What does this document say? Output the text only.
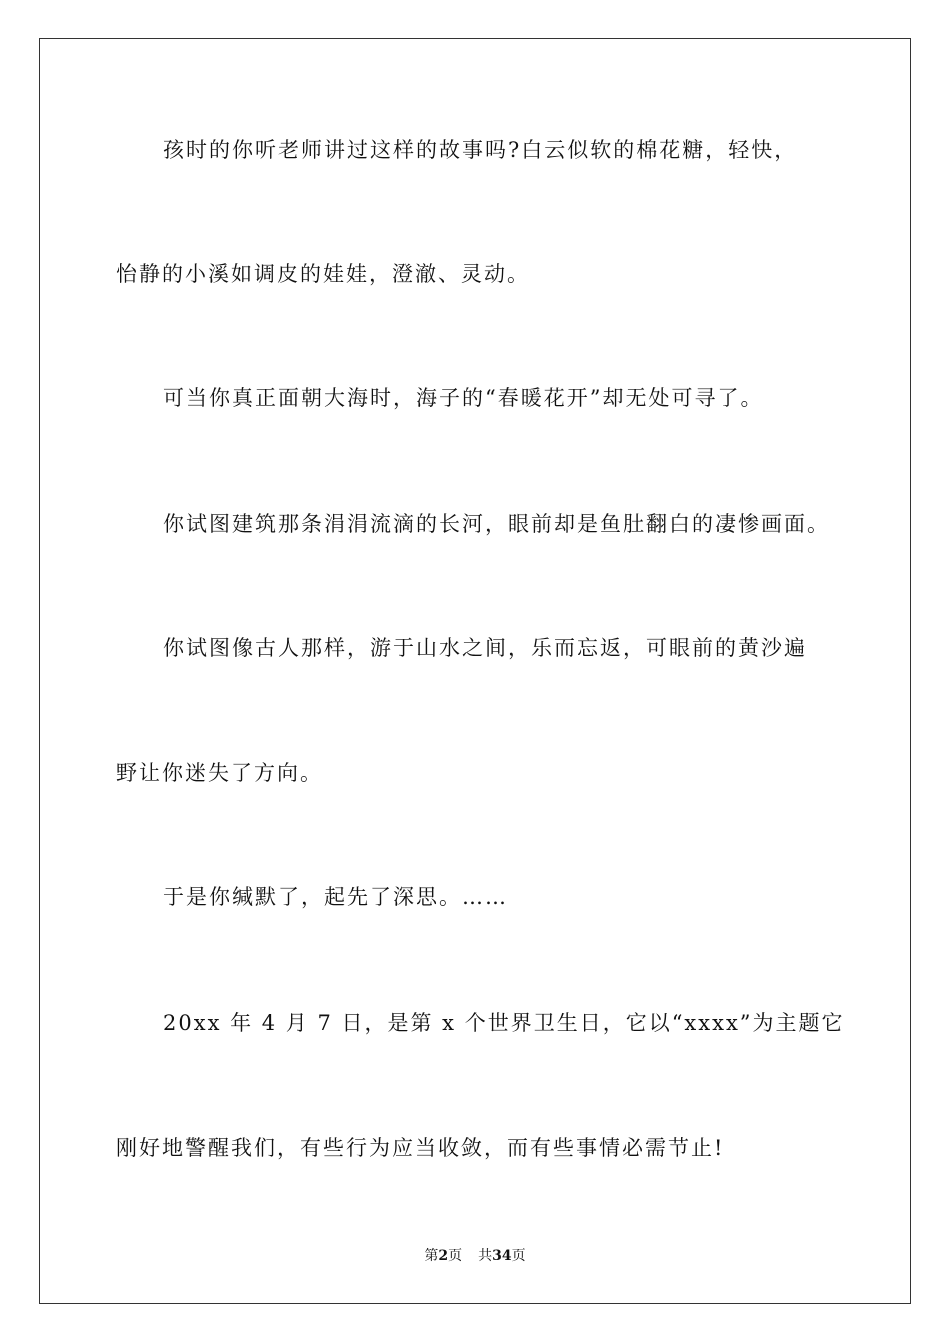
孩时的你听老师讲过这样的故事吗?白云似软的棉花糖，轻快，
怡静的小溪如调皮的娃娃，澄澈、灵动。
可当你真正面朝大海时，海子的“春暖花开”却无处可寻了。
你试图建筑那条涓涓流滴的长河，眼前却是鱼肚翻白的凄惨画面。
你试图像古人那样，游于山水之间，乐而忘返，可眼前的黄沙遍
野让你迷失了方向。
于是你缄默了，起先了深思。……
20xx 年 4 月 7 日，是第 x 个世界卫生日，它以“xxxx”为主题它
刚好地警醒我们，有些行为应当收敛，而有些事情必需节止!
第2页 共34页
